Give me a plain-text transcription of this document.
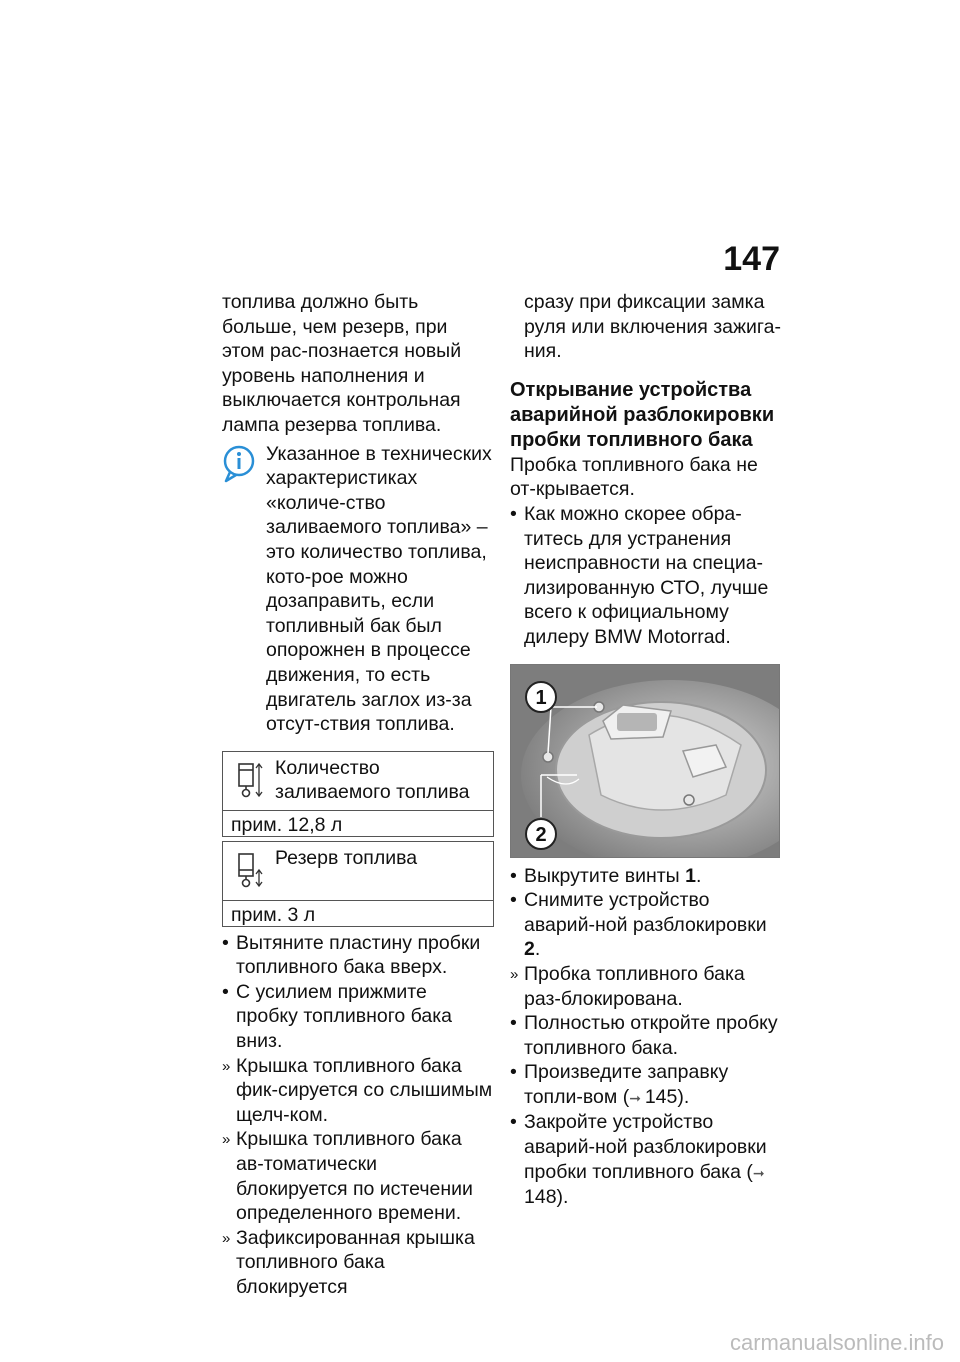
147

топлива должно быть больше, чем резерв, при этом рас-познается новый уровень наполнения и выключается контрольная лампа резерва топлива.

Указанное в технических характеристиках «количе-ство заливаемого топлива» – это количество топлива, кото-рое можно дозаправить, если топливный бак был опорожнен в процессе движения, то есть двигатель заглох из-за отсут-ствия топлива.

Количество заливаемого топлива
прим. 12,8 л
Резерв топлива
прим. 3 л
• Вытяните пластину пробки топливного бака вверх.
• С усилием прижмите пробку топливного бака вниз.
» Крышка топливного бака фик-сируется со слышимым щелч-ком.
» Крышка топливного бака ав-томатически блокируется по истечении определенного времени.
» Зафиксированная крышка топливного бака блокируется

сразу при фиксации замка руля или включения зажига-ния.

Открывание устройства аварийной разблокировки пробки топливного бака

Пробка топливного бака не от-крывается.

• Как можно скорее обра-титесь для устранения неисправности на специа-лизированную СТО, лучше всего к официальному дилеру BMW Motorrad.
1
2
• Выкрутите винты 1.
• Снимите устройство аварий-ной разблокировки 2.
» Пробка топливного бака раз-блокирована.
• Полностью откройте пробку топливного бака.
• Произведите заправку топли-вом (➞ 145).
• Закройте устройство аварий-ной разблокировки пробки топливного бака (➞ 148).
carmanualsonline.info
